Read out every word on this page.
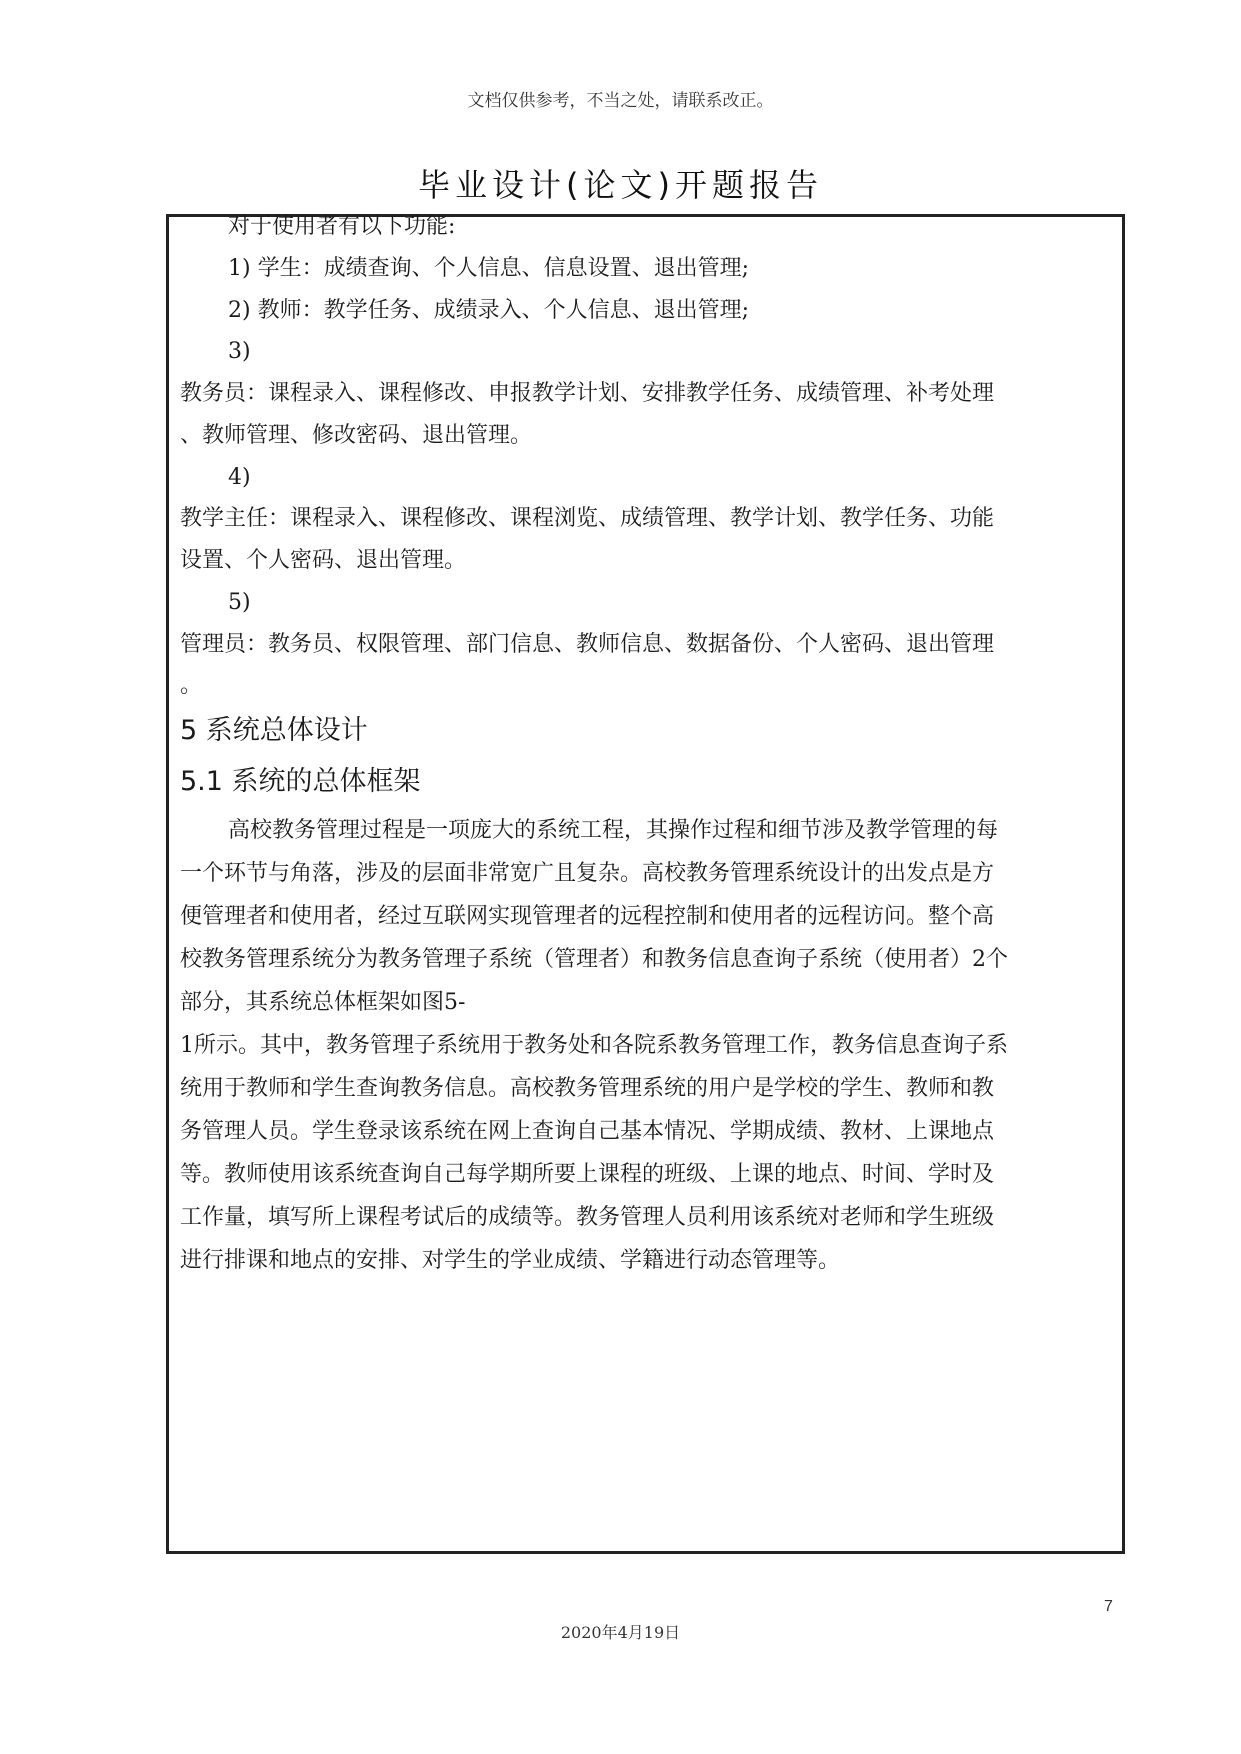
文档仅供参考，不当之处，请联系改正。
毕业设计(论文)开题报告
对于使用者有以下功能:
1) 学生：成绩查询、个人信息、信息设置、退出管理;
2) 教师：教学任务、成绩录入、个人信息、退出管理;
3)
教务员：课程录入、课程修改、申报教学计划、安排教学任务、成绩管理、补考处理
、教师管理、修改密码、退出管理。
4)
教学主任：课程录入、课程修改、课程浏览、成绩管理、教学计划、教学任务、功能
设置、个人密码、退出管理。
5)
管理员：教务员、权限管理、部门信息、教师信息、数据备份、个人密码、退出管理
。
5 系统总体设计
5.1 系统的总体框架
高校教务管理过程是一项庞大的系统工程，其操作过程和细节涉及教学管理的每
一个环节与角落，涉及的层面非常宽广且复杂。高校教务管理系统设计的出发点是方
便管理者和使用者，经过互联网实现管理者的远程控制和使用者的远程访问。整个高
校教务管理系统分为教务管理子系统（管理者）和教务信息查询子系统（使用者）2个
部分，其系统总体框架如图5-
1所示。其中，教务管理子系统用于教务处和各院系教务管理工作，教务信息查询子系
统用于教师和学生查询教务信息。高校教务管理系统的用户是学校的学生、教师和教
务管理人员。学生登录该系统在网上查询自己基本情况、学期成绩、教材、上课地点
等。教师使用该系统查询自己每学期所要上课程的班级、上课的地点、时间、学时及
工作量，填写所上课程考试后的成绩等。教务管理人员利用该系统对老师和学生班级
进行排课和地点的安排、对学生的学业成绩、学籍进行动态管理等。
7
2020年4月19日
